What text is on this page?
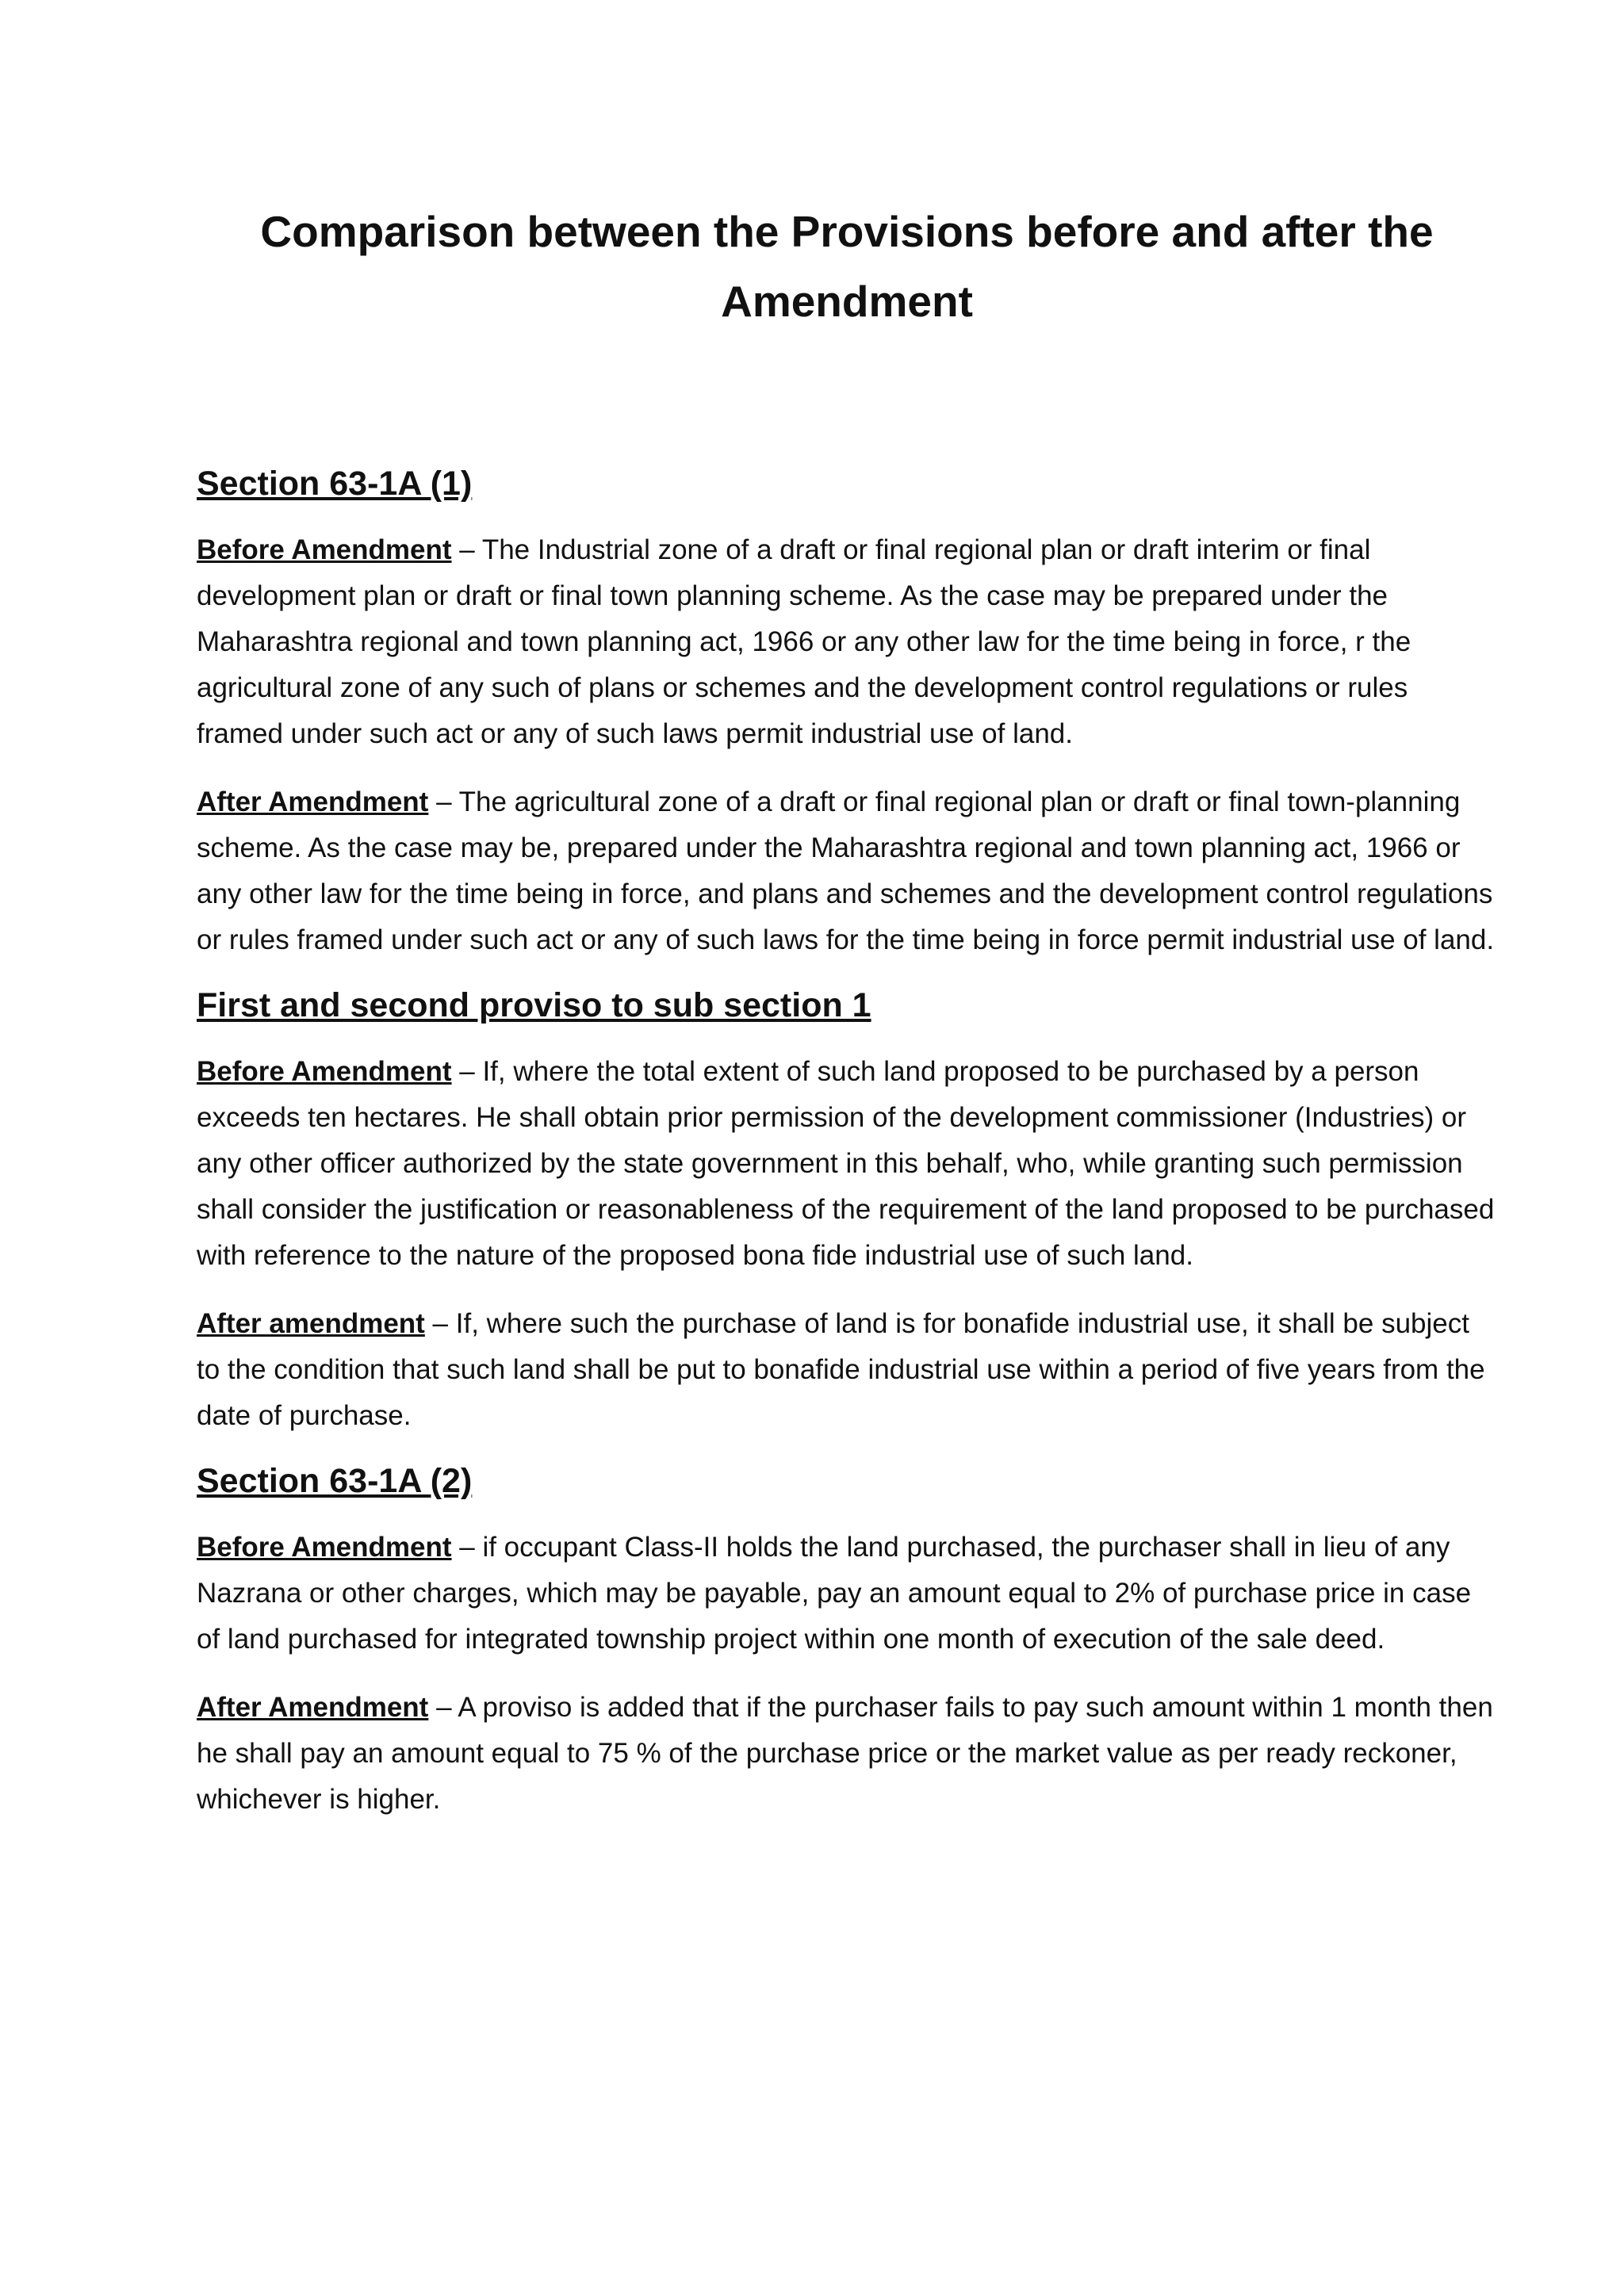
Comparison between the Provisions before and after the Amendment
Section 63-1A (1)

Before Amendment – The Industrial zone of a draft or final regional plan or draft interim or final development plan or draft or final town planning scheme. As the case may be prepared under the Maharashtra regional and town planning act, 1966 or any other law for the time being in force, r the agricultural zone of any such of plans or schemes and the development control regulations or rules framed under such act or any of such laws permit industrial use of land.

After Amendment – The agricultural zone of a draft or final regional plan or draft or final town-planning scheme. As the case may be, prepared under the Maharashtra regional and town planning act, 1966 or any other law for the time being in force, and plans and schemes and the development control regulations or rules framed under such act or any of such laws for the time being in force permit industrial use of land.

First and second proviso to sub section 1

Before Amendment – If, where the total extent of such land proposed to be purchased by a person exceeds ten hectares. He shall obtain prior permission of the development commissioner (Industries) or any other officer authorized by the state government in this behalf, who, while granting such permission shall consider the justification or reasonableness of the requirement of the land proposed to be purchased with reference to the nature of the proposed bona fide industrial use of such land.

After amendment – If, where such the purchase of land is for bonafide industrial use, it shall be subject to the condition that such land shall be put to bonafide industrial use within a period of five years from the date of purchase.

Section 63-1A (2)

Before Amendment – if occupant Class-II holds the land purchased, the purchaser shall in lieu of any Nazrana or other charges, which may be payable, pay an amount equal to 2% of purchase price in case of land purchased for integrated township project within one month of execution of the sale deed.

After Amendment – A proviso is added that if the purchaser fails to pay such amount within 1 month then he shall pay an amount equal to 75 % of the purchase price or the market value as per ready reckoner, whichever is higher.
